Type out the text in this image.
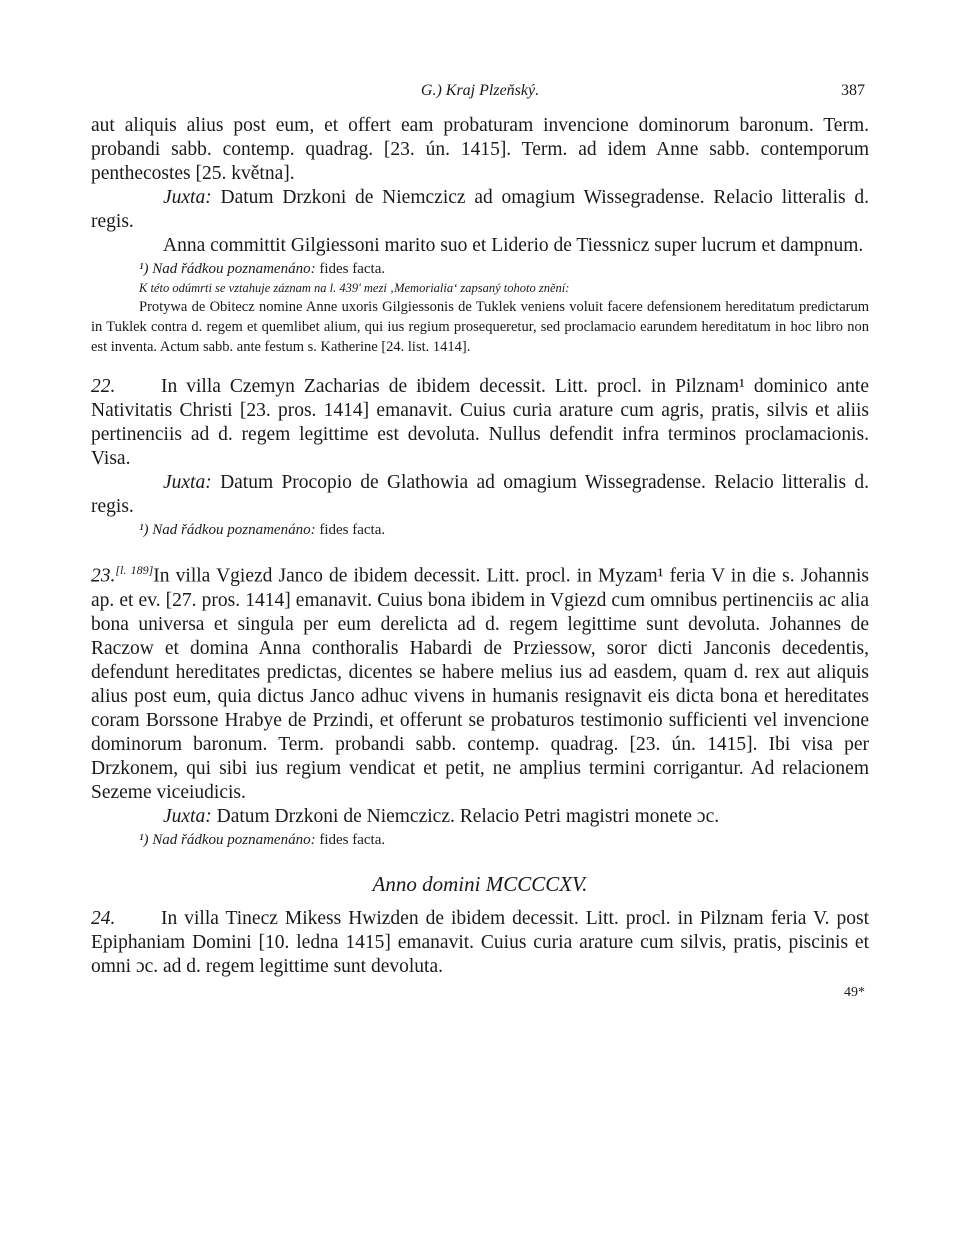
G.) Kraj Plzeňský.	387

aut aliquis alius post eum, et offert eam probaturam invencione dominorum baronum. Term. probandi sabb. contemp. quadrag. [23. ún. 1415]. Term. ad idem Anne sabb. contemporum penthecostes [25. května].

Juxta: Datum Drzkoni de Niemczicz ad omagium Wissegradense. Relacio litteralis d. regis.

Anna committit Gilgiessoni marito suo et Liderio de Tiessnicz super lucrum et dampnum.

¹) Nad řádkou poznamenáno: fides facta.

K této odúmrti se vztahuje záznam na l. 439' mezi ‚Memorialia‘ zapsaný tohoto znění:

Protywa de Obitecz nomine Anne uxoris Gilgiessonis de Tuklek veniens voluit facere defensionem hereditatum predictarum in Tuklek contra d. regem et quemlibet alium, qui ius regium prosequeretur, sed proclamacio earundem hereditatum in hoc libro non est inventa. Actum sabb. ante festum s. Katherine [24. list. 1414].

22. In villa Czemyn Zacharias de ibidem decessit. Litt. procl. in Pilznam¹ dominico ante Nativitatis Christi [23. pros. 1414] emanavit. Cuius curia arature cum agris, pratis, silvis et aliis pertinenciis ad d. regem legittime est devoluta. Nullus defendit infra terminos proclamacionis. Visa.

Juxta: Datum Procopio de Glathowia ad omagium Wissegradense. Relacio litteralis d. regis.

¹) Nad řádkou poznamenáno: fides facta.

23.[l. 189]In villa Vgiezd Janco de ibidem decessit. Litt. procl. in Myzam¹ feria V in die s. Johannis ap. et ev. [27. pros. 1414] emanavit. Cuius bona ibidem in Vgiezd cum omnibus pertinenciis ac alia bona universa et singula per eum derelicta ad d. regem legittime sunt devoluta. Johannes de Raczow et domina Anna conthoralis Habardi de Prziessow, soror dicti Janconis decedentis, defendunt hereditates predictas, dicentes se habere melius ius ad easdem, quam d. rex aut aliquis alius post eum, quia dictus Janco adhuc vivens in humanis resignavit eis dicta bona et hereditates coram Borssone Hrabye de Przindi, et offerunt se probaturos testimonio sufficienti vel invencione dominorum baronum. Term. probandi sabb. contemp. quadrag. [23. ún. 1415]. Ibi visa per Drzkonem, qui sibi ius regium vendicat et petit, ne amplius termini corrigantur. Ad relacionem Sezeme viceiudicis.

Juxta: Datum Drzkoni de Niemczicz. Relacio Petri magistri monete ɔc.

¹) Nad řádkou poznamenáno: fides facta.

Anno domini MCCCCXV.

24. In villa Tinecz Mikess Hwizden de ibidem decessit. Litt. procl. in Pilznam feria V. post Epiphaniam Domini [10. ledna 1415] emanavit. Cuius curia arature cum silvis, pratis, piscinis et omni ɔc. ad d. regem legittime sunt devoluta.

49*
